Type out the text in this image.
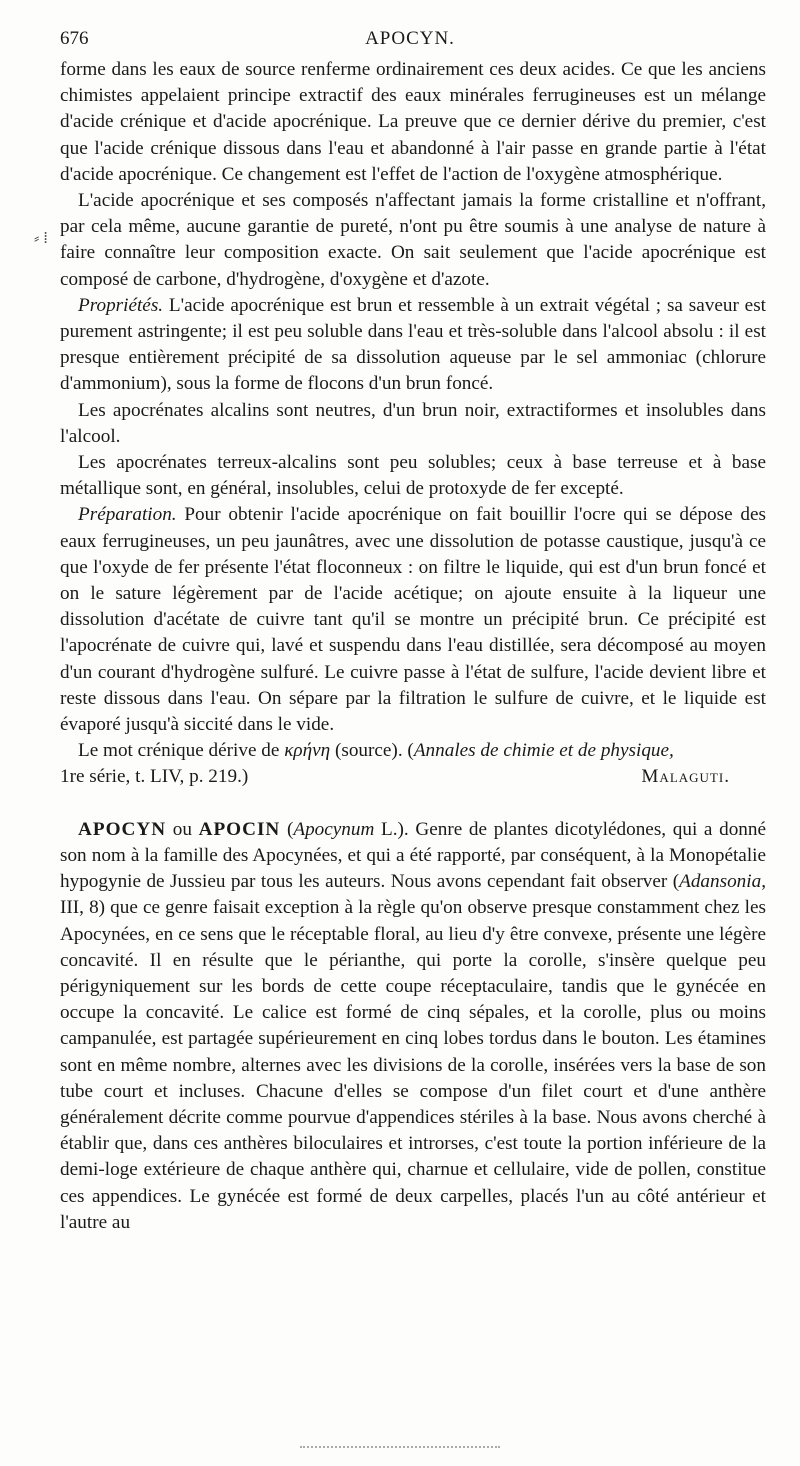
676	APOCYN.
⸗ ⁞

forme dans les eaux de source renferme ordinairement ces deux acides. Ce que les anciens chimistes appelaient principe extractif des eaux minérales ferrugineuses est un mélange d'acide crénique et d'acide apocrénique. La preuve que ce dernier dérive du premier, c'est que l'acide crénique dissous dans l'eau et abandonné à l'air passe en grande partie à l'état d'acide apocrénique. Ce changement est l'effet de l'action de l'oxygène atmosphérique.

L'acide apocrénique et ses composés n'affectant jamais la forme cristalline et n'offrant, par cela même, aucune garantie de pureté, n'ont pu être soumis à une analyse de nature à faire connaître leur composition exacte. On sait seulement que l'acide apocrénique est composé de carbone, d'hydrogène, d'oxygène et d'azote.

Propriétés. L'acide apocrénique est brun et ressemble à un extrait végétal ; sa saveur est purement astringente; il est peu soluble dans l'eau et très-soluble dans l'alcool absolu : il est presque entièrement précipité de sa dissolution aqueuse par le sel ammoniac (chlorure d'ammonium), sous la forme de flocons d'un brun foncé.

Les apocrénates alcalins sont neutres, d'un brun noir, extractiformes et insolubles dans l'alcool.

Les apocrénates terreux-alcalins sont peu solubles; ceux à base terreuse et à base métallique sont, en général, insolubles, celui de protoxyde de fer excepté.

Préparation. Pour obtenir l'acide apocrénique on fait bouillir l'ocre qui se dépose des eaux ferrugineuses, un peu jaunâtres, avec une dissolution de potasse caustique, jusqu'à ce que l'oxyde de fer présente l'état floconneux : on filtre le liquide, qui est d'un brun foncé et on le sature légèrement par de l'acide acétique; on ajoute ensuite à la liqueur une dissolution d'acétate de cuivre tant qu'il se montre un précipité brun. Ce précipité est l'apocrénate de cuivre qui, lavé et suspendu dans l'eau distillée, sera décomposé au moyen d'un courant d'hydrogène sulfuré. Le cuivre passe à l'état de sulfure, l'acide devient libre et reste dissous dans l'eau. On sépare par la filtration le sulfure de cuivre, et le liquide est évaporé jusqu'à siccité dans le vide.

Le mot crénique dérive de κρήνη (source). (Annales de chimie et de physique,

1re série, t. LIV, p. 219.)	Malaguti.

APOCYN ou APOCIN (Apocynum L.). Genre de plantes dicotylédones, qui a donné son nom à la famille des Apocynées, et qui a été rapporté, par conséquent, à la Monopétalie hypogynie de Jussieu par tous les auteurs. Nous avons cependant fait observer (Adansonia, III, 8) que ce genre faisait exception à la règle qu'on observe presque constamment chez les Apocynées, en ce sens que le réceptable floral, au lieu d'y être convexe, présente une légère concavité. Il en résulte que le périanthe, qui porte la corolle, s'insère quelque peu périgyniquement sur les bords de cette coupe réceptaculaire, tandis que le gynécée en occupe la concavité. Le calice est formé de cinq sépales, et la corolle, plus ou moins campanulée, est partagée supérieurement en cinq lobes tordus dans le bouton. Les étamines sont en même nombre, alternes avec les divisions de la corolle, insérées vers la base de son tube court et incluses. Chacune d'elles se compose d'un filet court et d'une anthère généralement décrite comme pourvue d'appendices stériles à la base. Nous avons cherché à établir que, dans ces anthères biloculaires et introrses, c'est toute la portion inférieure de la demi-loge extérieure de chaque anthère qui, charnue et cellulaire, vide de pollen, constitue ces appendices. Le gynécée est formé de deux carpelles, placés l'un au côté antérieur et l'autre au
